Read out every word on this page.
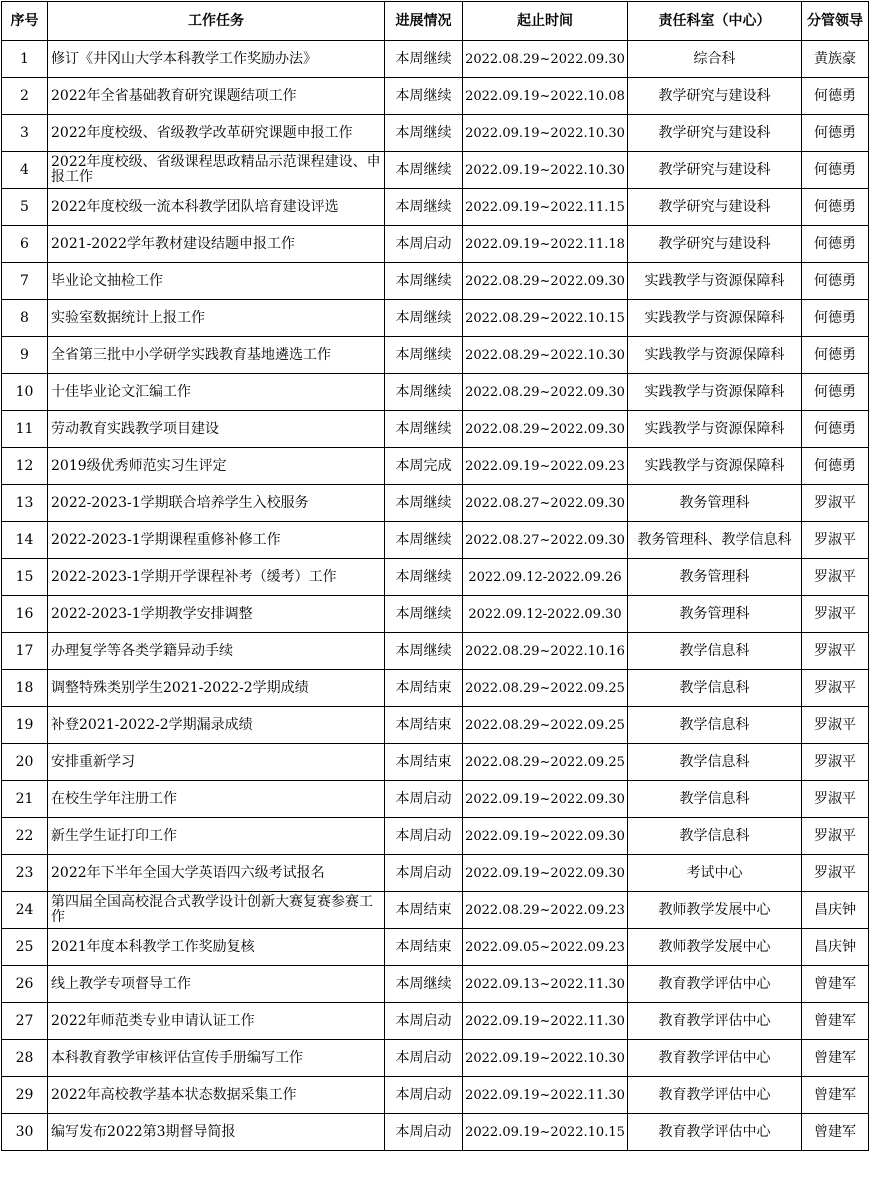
序号	工作任务	进展情况	起止时间	责任科室（中心）	分管领导
1	修订《井冈山大学本科教学工作奖励办法》	本周继续	2022.08.29~2022.09.30	综合科	黄族豪
2	2022年全省基础教育研究课题结项工作	本周继续	2022.09.19~2022.10.08	教学研究与建设科	何德勇
3	2022年度校级、省级教学改革研究课题申报工作	本周继续	2022.09.19~2022.10.30	教学研究与建设科	何德勇
4	2022年度校级、省级课程思政精品示范课程建设、申报工作	本周继续	2022.09.19~2022.10.30	教学研究与建设科	何德勇
5	2022年度校级一流本科教学团队培育建设评选	本周继续	2022.09.19~2022.11.15	教学研究与建设科	何德勇
6	2021-2022学年教材建设结题申报工作	本周启动	2022.09.19~2022.11.18	教学研究与建设科	何德勇
7	毕业论文抽检工作	本周继续	2022.08.29~2022.09.30	实践教学与资源保障科	何德勇
8	实验室数据统计上报工作	本周继续	2022.08.29~2022.10.15	实践教学与资源保障科	何德勇
9	全省第三批中小学研学实践教育基地遴选工作	本周继续	2022.08.29~2022.10.30	实践教学与资源保障科	何德勇
10	十佳毕业论文汇编工作	本周继续	2022.08.29~2022.09.30	实践教学与资源保障科	何德勇
11	劳动教育实践教学项目建设	本周继续	2022.08.29~2022.09.30	实践教学与资源保障科	何德勇
12	2019级优秀师范实习生评定	本周完成	2022.09.19~2022.09.23	实践教学与资源保障科	何德勇
13	2022-2023-1学期联合培养学生入校服务	本周继续	2022.08.27~2022.09.30	教务管理科	罗淑平
14	2022-2023-1学期课程重修补修工作	本周继续	2022.08.27~2022.09.30	教务管理科、教学信息科	罗淑平
15	2022-2023-1学期开学课程补考（缓考）工作	本周继续	2022.09.12-2022.09.26	教务管理科	罗淑平
16	2022-2023-1学期教学安排调整	本周继续	2022.09.12-2022.09.30	教务管理科	罗淑平
17	办理复学等各类学籍异动手续	本周继续	2022.08.29~2022.10.16	教学信息科	罗淑平
18	调整特殊类别学生2021-2022-2学期成绩	本周结束	2022.08.29~2022.09.25	教学信息科	罗淑平
19	补登2021-2022-2学期漏录成绩	本周结束	2022.08.29~2022.09.25	教学信息科	罗淑平
20	安排重新学习	本周结束	2022.08.29~2022.09.25	教学信息科	罗淑平
21	在校生学年注册工作	本周启动	2022.09.19~2022.09.30	教学信息科	罗淑平
22	新生学生证打印工作	本周启动	2022.09.19~2022.09.30	教学信息科	罗淑平
23	2022年下半年全国大学英语四六级考试报名	本周启动	2022.09.19~2022.09.30	考试中心	罗淑平
24	第四届全国高校混合式教学设计创新大赛复赛参赛工作	本周结束	2022.08.29~2022.09.23	教师教学发展中心	昌庆钟
25	2021年度本科教学工作奖励复核	本周结束	2022.09.05~2022.09.23	教师教学发展中心	昌庆钟
26	线上教学专项督导工作	本周继续	2022.09.13~2022.11.30	教育教学评估中心	曾建军
27	2022年师范类专业申请认证工作	本周启动	2022.09.19~2022.11.30	教育教学评估中心	曾建军
28	本科教育教学审核评估宣传手册编写工作	本周启动	2022.09.19~2022.10.30	教育教学评估中心	曾建军
29	2022年高校教学基本状态数据采集工作	本周启动	2022.09.19~2022.11.30	教育教学评估中心	曾建军
30	编写发布2022第3期督导简报	本周启动	2022.09.19~2022.10.15	教育教学评估中心	曾建军
